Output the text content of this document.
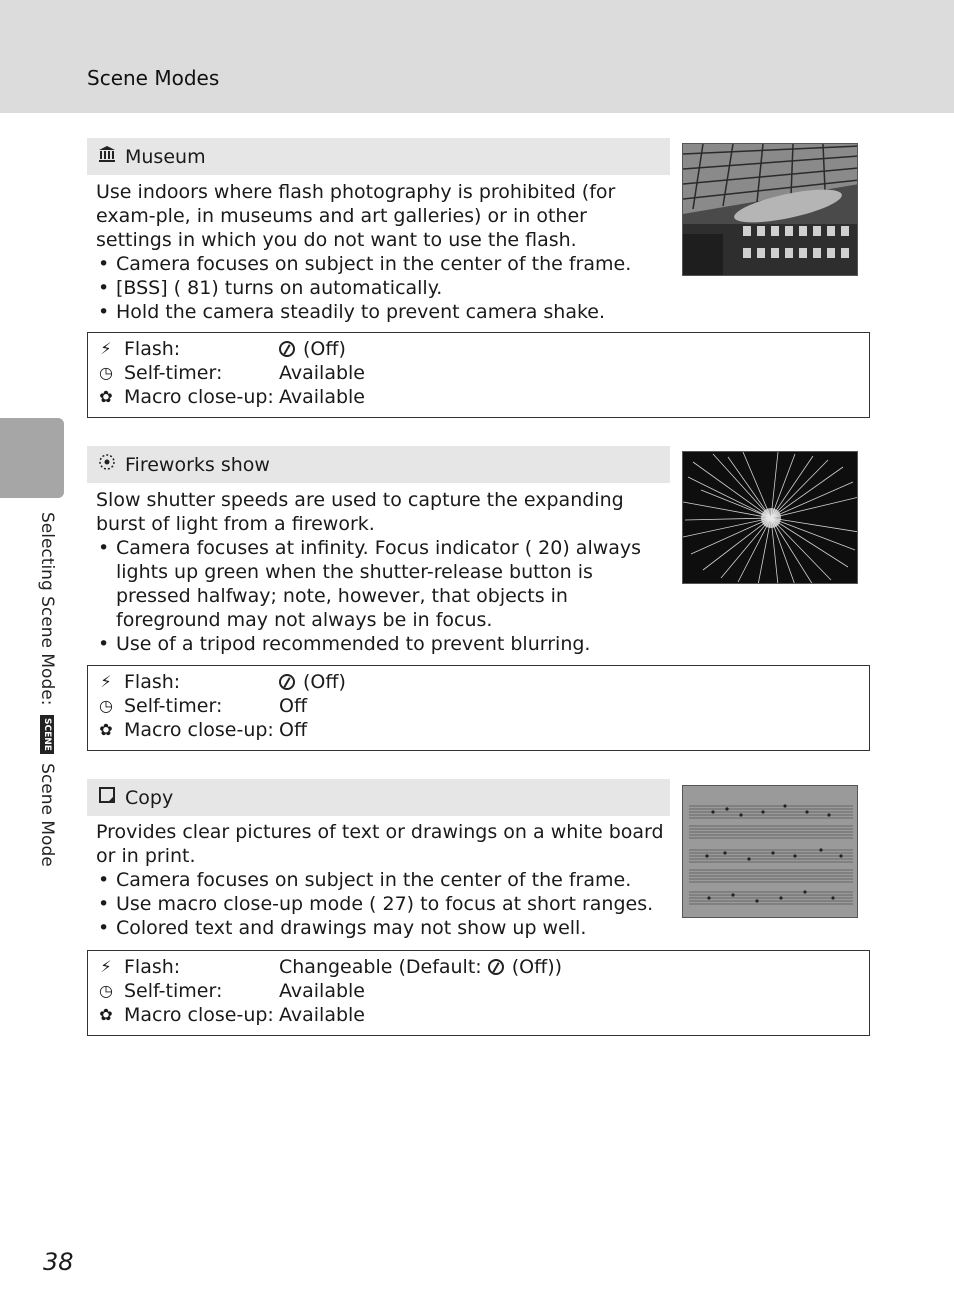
Scene Modes
Selecting Scene Mode: SCENE Scene Mode
Museum

Use indoors where flash photography is prohibited (for exam-ple, in museums and art galleries) or in other settings in which you do not want to use the flash.

• Camera focuses on subject in the center of the frame.
• [BSS] ( 81) turns on automatically.
• Hold the camera steadily to prevent camera shake.
⚡ Flash:	(Off)
◷ Self-timer:	Available
✿ Macro close-up: Available
Fireworks show

Slow shutter speeds are used to capture the expanding burst of light from a firework.

• Camera focuses at infinity. Focus indicator ( 20) always lights up green when the shutter-release button is pressed halfway; note, however, that objects in foreground may not always be in focus.
• Use of a tripod recommended to prevent blurring.
⚡ Flash:	(Off)
◷ Self-timer:	Off
✿ Macro close-up: Off
Copy

Provides clear pictures of text or drawings on a white board or in print.

• Camera focuses on subject in the center of the frame.
• Use macro close-up mode ( 27) to focus at short ranges.
• Colored text and drawings may not show up well.
⚡ Flash:	Changeable (Default:
(Off))
◷ Self-timer:	Available
✿ Macro close-up: Available
38
